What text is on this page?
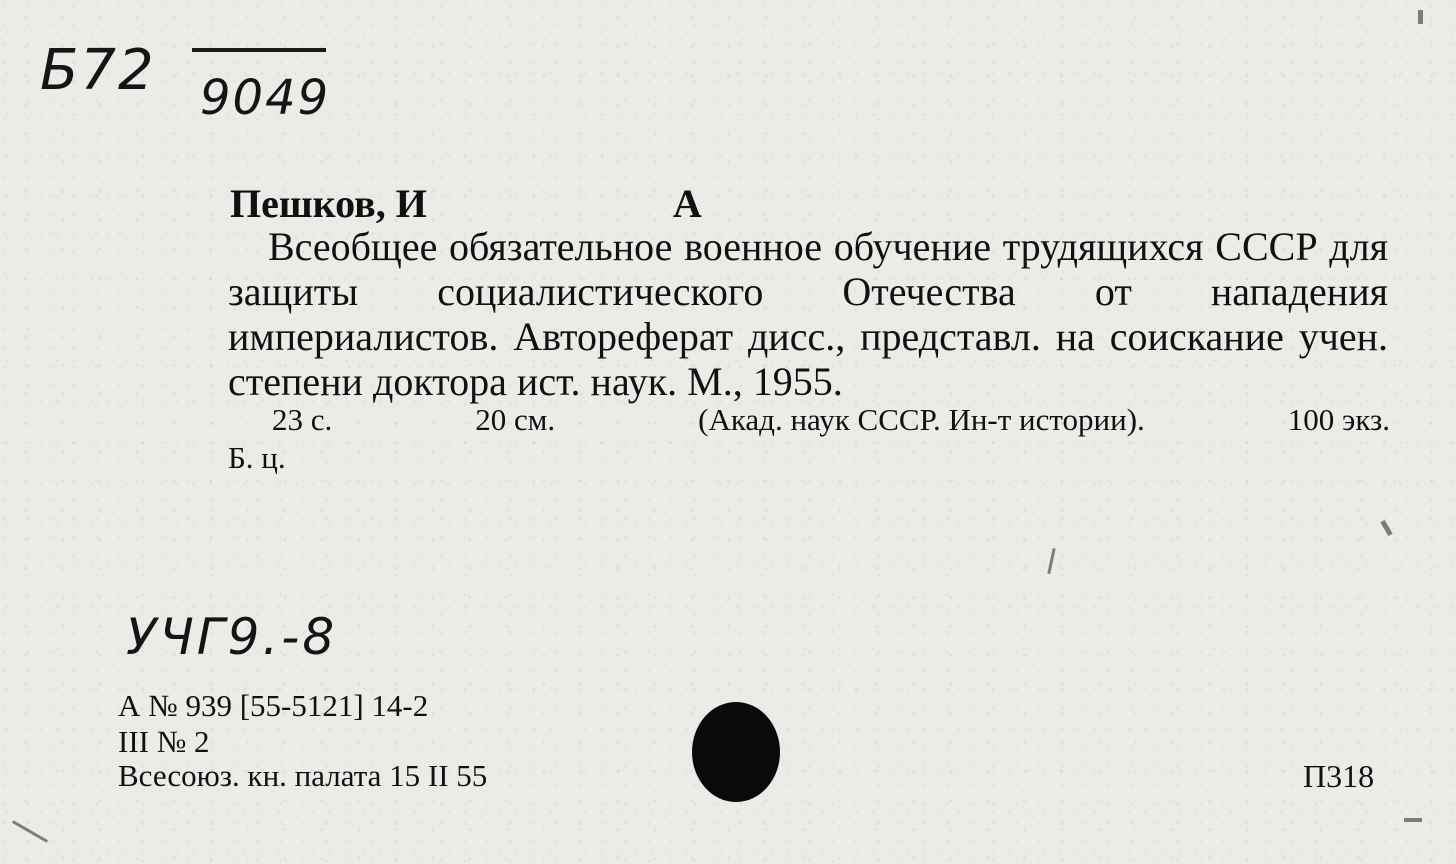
Б72 9049
Пешков, И	А

Всеобщее обязательное военное обучение трудящихся СССР для защиты социалистического Отечества от нападения империалистов. Автореферат дисс., представл. на соискание учен. степени доктора ист. наук. М., 1955.

23 с.	20 см.	(Акад. наук СССР. Ин-т истории).	100 экз.
Б. ц.
УЧГ9.-8
А № 939 [55-5121] 14-2
III № 2
Всесоюз. кн. палата 15 II 55	П318
